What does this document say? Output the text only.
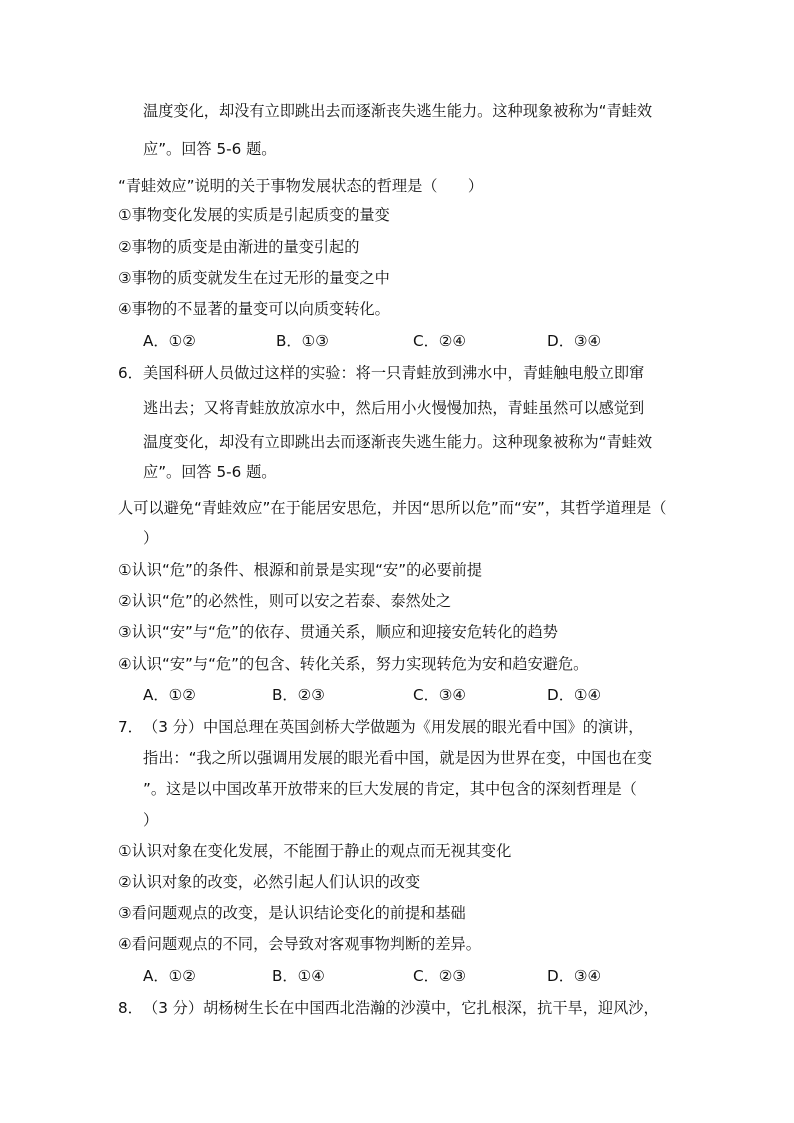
温度变化，却没有立即跳出去而逐渐丧失逃生能力。这种现象被称为“青蛙效
应”。回答 5-6 题。
“青蛙效应”说明的关于事物发展状态的哲理是（　　）
①事物变化发展的实质是引起质变的量变
②事物的质变是由渐进的量变引起的
③事物的质变就发生在过无形的量变之中
④事物的不显著的量变可以向质变转化。
A．①②	B．①③	C．②④	D．③④
6． 美国科研人员做过这样的实验：将一只青蛙放到沸水中，青蛙触电般立即窜
逃出去；又将青蛙放放凉水中，然后用小火慢慢加热，青蛙虽然可以感觉到
温度变化，却没有立即跳出去而逐渐丧失逃生能力。这种现象被称为“青蛙效
应”。回答 5-6 题。
人可以避免“青蛙效应”在于能居安思危，并因“思所以危”而“安”，其哲学道理是（
）
①认识“危”的条件、根源和前景是实现“安”的必要前提
②认识“危”的必然性，则可以安之若泰、泰然处之
③认识“安”与“危”的依存、贯通关系，顺应和迎接安危转化的趋势
④认识“安”与“危”的包含、转化关系，努力实现转危为安和趋安避危。
A．①②	B．②③	C．③④	D．①④
7． （3 分）中国总理在英国剑桥大学做题为《用发展的眼光看中国》的演讲，
指出：“我之所以强调用发展的眼光看中国，就是因为世界在变，中国也在变
”。这是以中国改革开放带来的巨大发展的肯定，其中包含的深刻哲理是（
）
①认识对象在变化发展，不能囿于静止的观点而无视其变化
②认识对象的改变，必然引起人们认识的改变
③看问题观点的改变，是认识结论变化的前提和基础
④看问题观点的不同，会导致对客观事物判断的差异。
A．①②	B．①④	C．②③	D．③④
8． （3 分）胡杨树生长在中国西北浩瀚的沙漠中，它扎根深，抗干旱，迎风沙，
